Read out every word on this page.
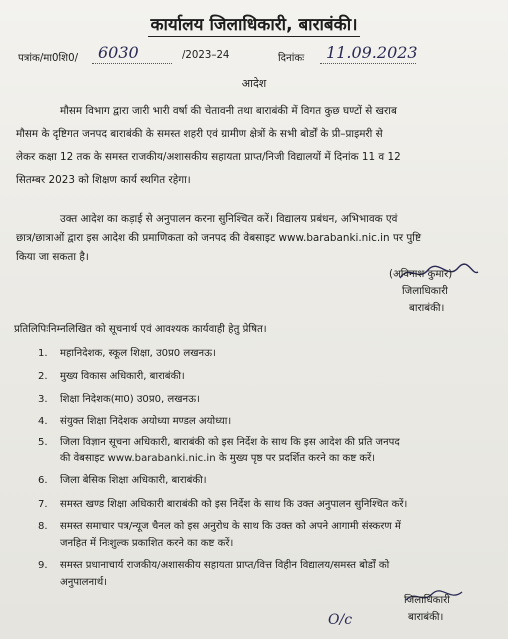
कार्यालय जिलाधिकारी, बाराबंकी।
पत्रांक/मा0शि0/ 6030	/2023–24	दिनांकः 11.09.2023
आदेश
मौसम विभाग द्वारा जारी भारी वर्षा की चेतावनी तथा बाराबंकी में विगत कुछ घण्टों से खराब
मौसम के दृष्टिगत जनपद बाराबंकी के समस्त शहरी एवं ग्रामीण क्षेत्रों के सभी बोर्डों के प्री–प्राइमरी से
लेकर कक्षा 12 तक के समस्त राजकीय/अशासकीय सहायता प्राप्त/निजी विद्यालयों में दिनांक 11 व 12
सितम्बर 2023 को शिक्षण कार्य स्थगित रहेगा।
उक्त आदेश का कड़ाई से अनुपालन करना सुनिश्चित करें। विद्यालय प्रबंधन, अभिभावक एवं
छात्र/छात्राओं द्वारा इस आदेश की प्रमाणिकता को जनपद की वेबसाइट www.barabanki.nic.in पर पुष्टि
किया जा सकता है।
(अविनाश कुमार)
जिलाधिकारी
बाराबंकी।
प्रतिलिपिःनिम्नलिखित को सूचनार्थ एवं आवश्यक कार्यवाही हेतु प्रेषित।
1. महानिदेशक, स्कूल शिक्षा, उ0प्र0 लखनऊ।
2. मुख्य विकास अधिकारी, बाराबंकी।
3. शिक्षा निदेशक(मा0) उ0प्र0, लखनऊ।
4. संयुक्त शिक्षा निदेशक अयोध्या मण्डल अयोध्या।
5. जिला विज्ञान सूचना अधिकारी, बाराबंकी को इस निर्देश के साथ कि इस आदेश की प्रति जनपद
की वेबसाइट www.barabanki.nic.in के मुख्य पृष्ठ पर प्रदर्शित करने का कष्ट करें।
6. जिला बेसिक शिक्षा अधिकारी, बाराबंकी।
7. समस्त खण्ड शिक्षा अधिकारी बाराबंकी को इस निर्देश के साथ कि उक्त अनुपालन सुनिश्चित करें।
8. समस्त समाचार पत्र/न्यूज चैनल को इस अनुरोध के साथ कि उक्त को अपने आगामी संस्करण में
जनहित में निःशुल्क प्रकाशित करने का कष्ट करें।
9. समस्त प्रधानाचार्य राजकीय/अशासकीय सहायता प्राप्त/वित्त विहीन विद्यालय/समस्त बोर्डों को
अनुपालनार्थ।
जिलाधिकारी
बाराबंकी।
O/c
